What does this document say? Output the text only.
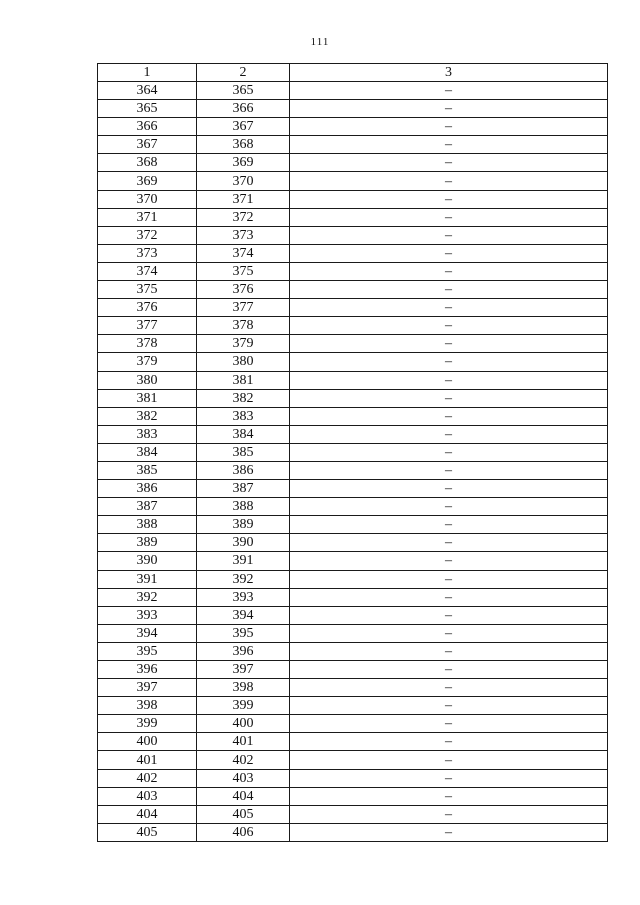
111
1	2	3
364	365	–
365	366	–
366	367	–
367	368	–
368	369	–
369	370	–
370	371	–
371	372	–
372	373	–
373	374	–
374	375	–
375	376	–
376	377	–
377	378	–
378	379	–
379	380	–
380	381	–
381	382	–
382	383	–
383	384	–
384	385	–
385	386	–
386	387	–
387	388	–
388	389	–
389	390	–
390	391	–
391	392	–
392	393	–
393	394	–
394	395	–
395	396	–
396	397	–
397	398	–
398	399	–
399	400	–
400	401	–
401	402	–
402	403	–
403	404	–
404	405	–
405	406	–
